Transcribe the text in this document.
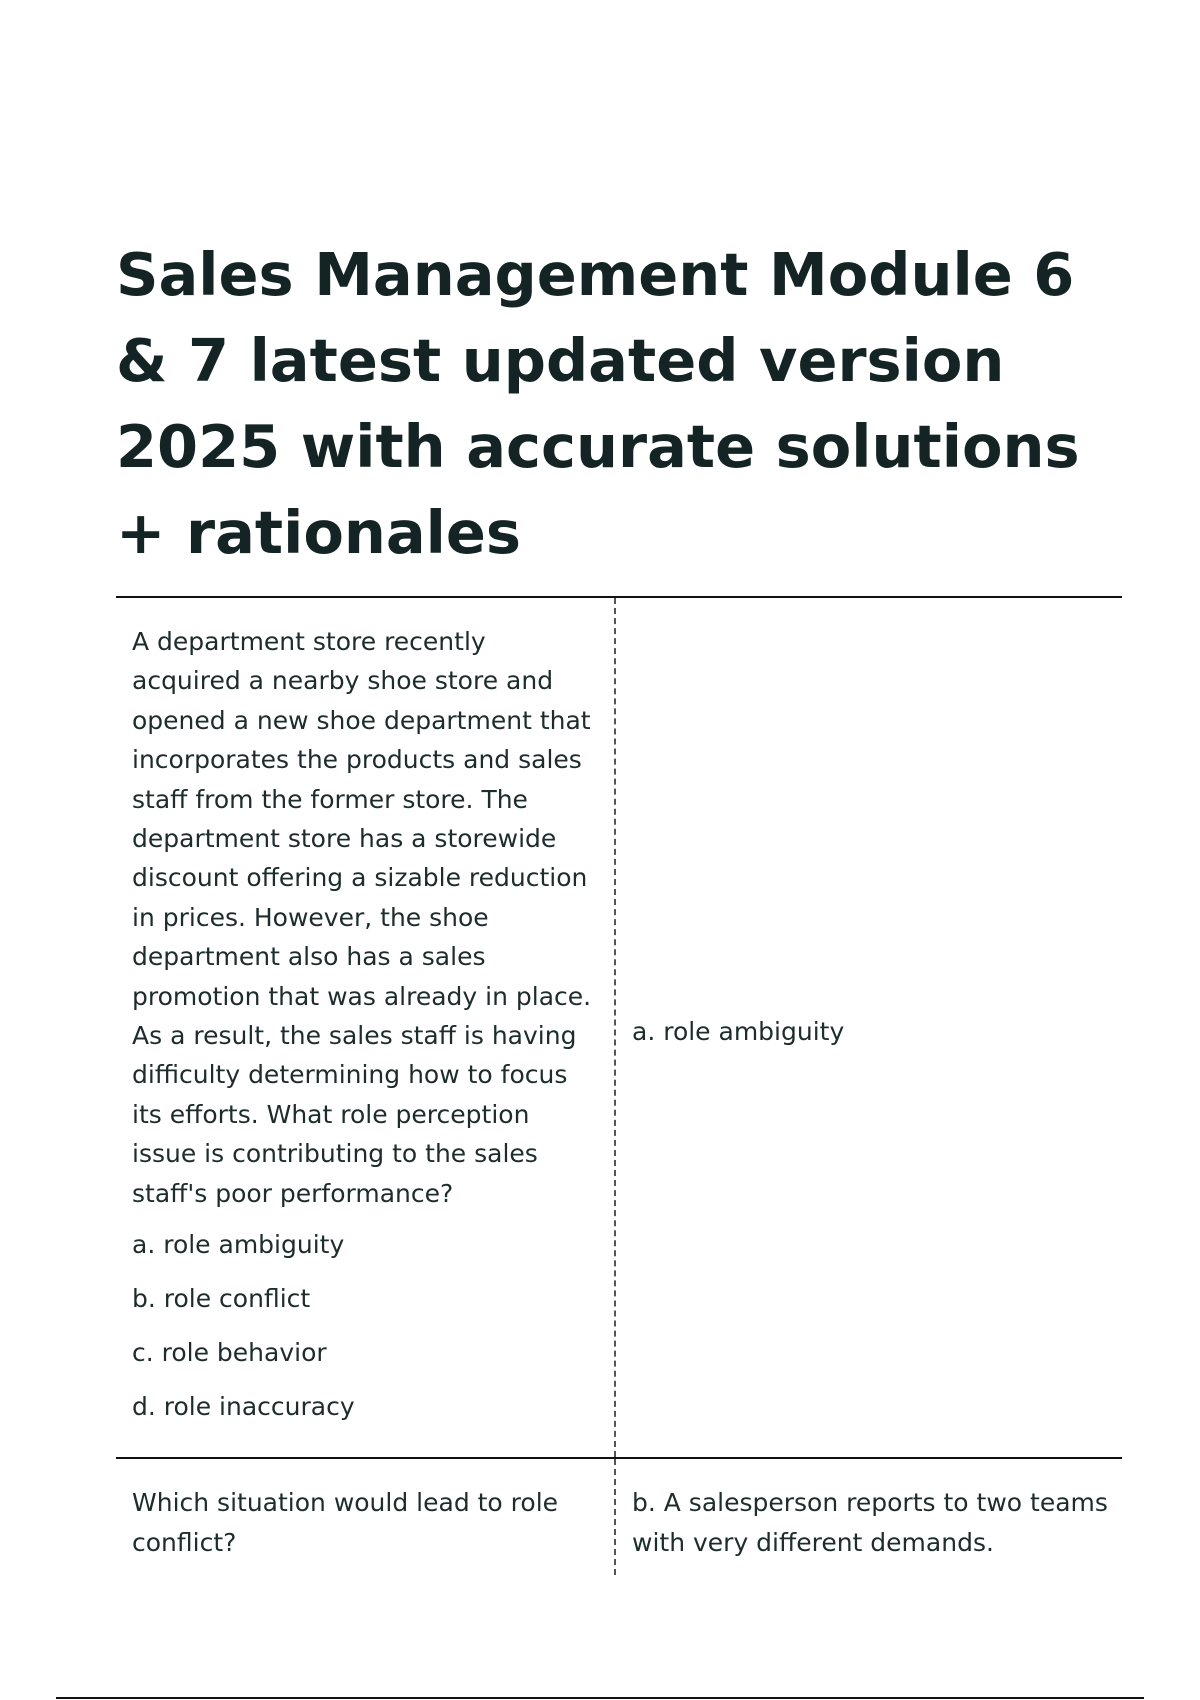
Sales Management Module 6 & 7 latest updated version 2025 with accurate solutions + rationales

A department store recently acquired a nearby shoe store and opened a new shoe department that incorporates the products and sales staff from the former store. The department store has a storewide discount offering a sizable reduction in prices. However, the shoe department also has a sales promotion that was already in place. As a result, the sales staff is having difficulty determining how to focus its efforts. What role perception issue is contributing to the sales staff's poor performance?

a. role ambiguity
b. role conflict
c. role behavior
d. role inaccuracy
a. role ambiguity

Which situation would lead to role conflict?

b. A salesperson reports to two teams with very different demands.
